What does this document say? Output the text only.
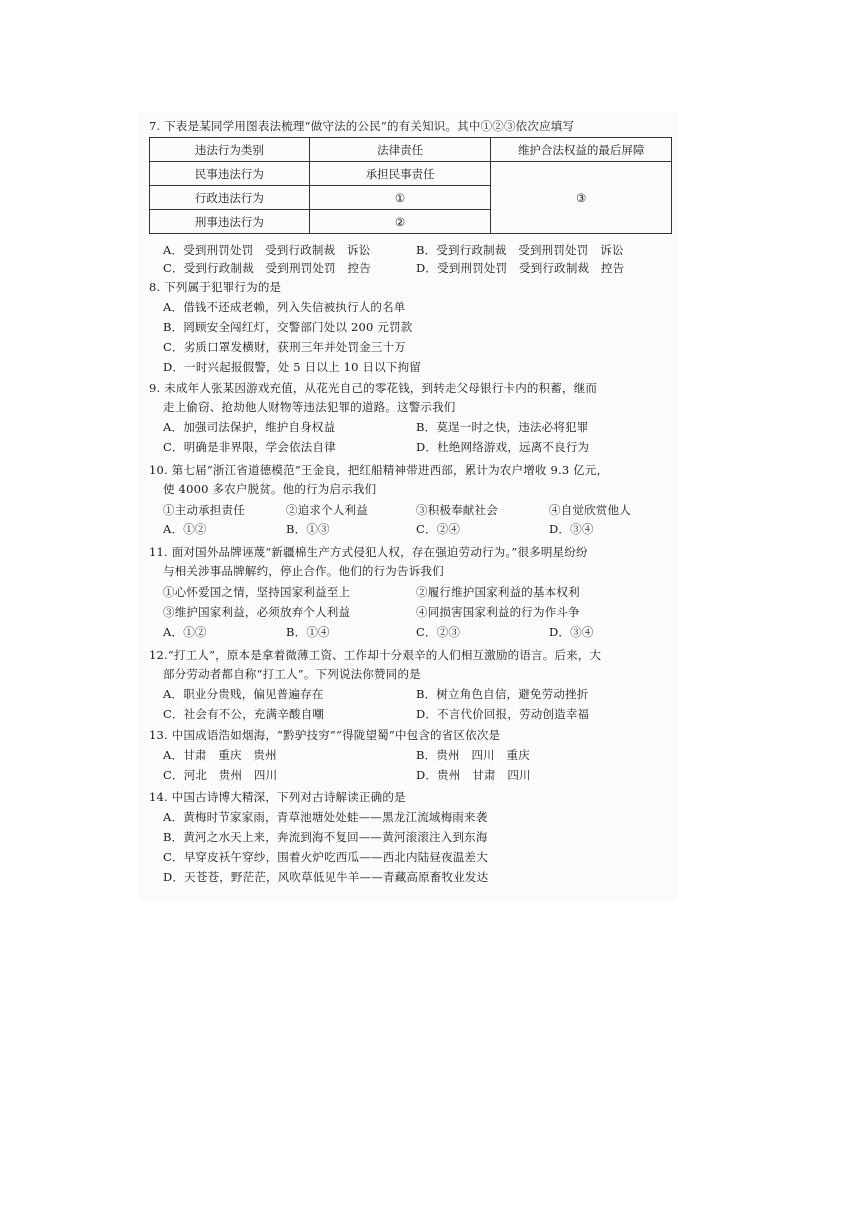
7. 下表是某同学用图表法梳理“做守法的公民”的有关知识。其中①②③依次应填写
违法行为类别	法律责任	维护合法权益的最后屏障
民事违法行为	承担民事责任	③
行政违法行为	①	
刑事违法行为	②	
A．受到刑罚处罚　受到行政制裁　诉讼	B．受到行政制裁　受到刑罚处罚　诉讼
C．受到行政制裁　受到刑罚处罚　控告	D．受到刑罚处罚　受到行政制裁　控告
8. 下列属于犯罪行为的是
A．借钱不还成老赖，列入失信被执行人的名单
B．罔顾安全闯红灯，交警部门处以 200 元罚款
C．劣质口罩发横财，获刑三年并处罚金三十万
D．一时兴起报假警，处 5 日以上 10 日以下拘留
9. 未成年人张某因游戏充值，从花光自己的零花钱，到转走父母银行卡内的积蓄，继而
走上偷窃、抢劫他人财物等违法犯罪的道路。这警示我们
A．加强司法保护，维护自身权益	B．莫逞一时之快，违法必将犯罪
C．明确是非界限，学会依法自律	D．杜绝网络游戏，远离不良行为
10. 第七届“浙江省道德模范”王金良，把红船精神带进西部，累计为农户增收 9.3 亿元，
使 4000 多农户脱贫。他的行为启示我们
①主动承担责任	②追求个人利益	③积极奉献社会	④自觉欣赏他人
A．①②	B．①③	C．②④	D．③④
11. 面对国外品牌诬蔑“新疆棉生产方式侵犯人权，存在强迫劳动行为。”很多明星纷纷
与相关涉事品牌解约，停止合作。他们的行为告诉我们
①心怀爱国之情，坚持国家利益至上	②履行维护国家利益的基本权利
③维护国家利益，必须放弃个人利益	④同损害国家利益的行为作斗争
A．①②	B．①④	C．②③	D．③④
12.“打工人”，原本是拿着微薄工资、工作却十分艰辛的人们相互激励的语言。后来，大
部分劳动者都自称“打工人”。下列说法你赞同的是
A．职业分贵贱，偏见普遍存在	B．树立角色自信，避免劳动挫折
C．社会有不公，充满辛酸自嘲	D．不言代价回报，劳动创造幸福
13. 中国成语浩如烟海，“黔驴技穷”“得陇望蜀”中包含的省区依次是
A．甘肃　重庆　贵州	B．贵州　四川　重庆
C．河北　贵州　四川	D．贵州　甘肃　四川
14. 中国古诗博大精深，下列对古诗解读正确的是
A．黄梅时节家家雨，青草池塘处处蛙——黑龙江流域梅雨来袭
B．黄河之水天上来，奔流到海不复回——黄河滚滚注入到东海
C．早穿皮袄午穿纱，围着火炉吃西瓜——西北内陆昼夜温差大
D．天苍苍，野茫茫，风吹草低见牛羊——青藏高原畜牧业发达
